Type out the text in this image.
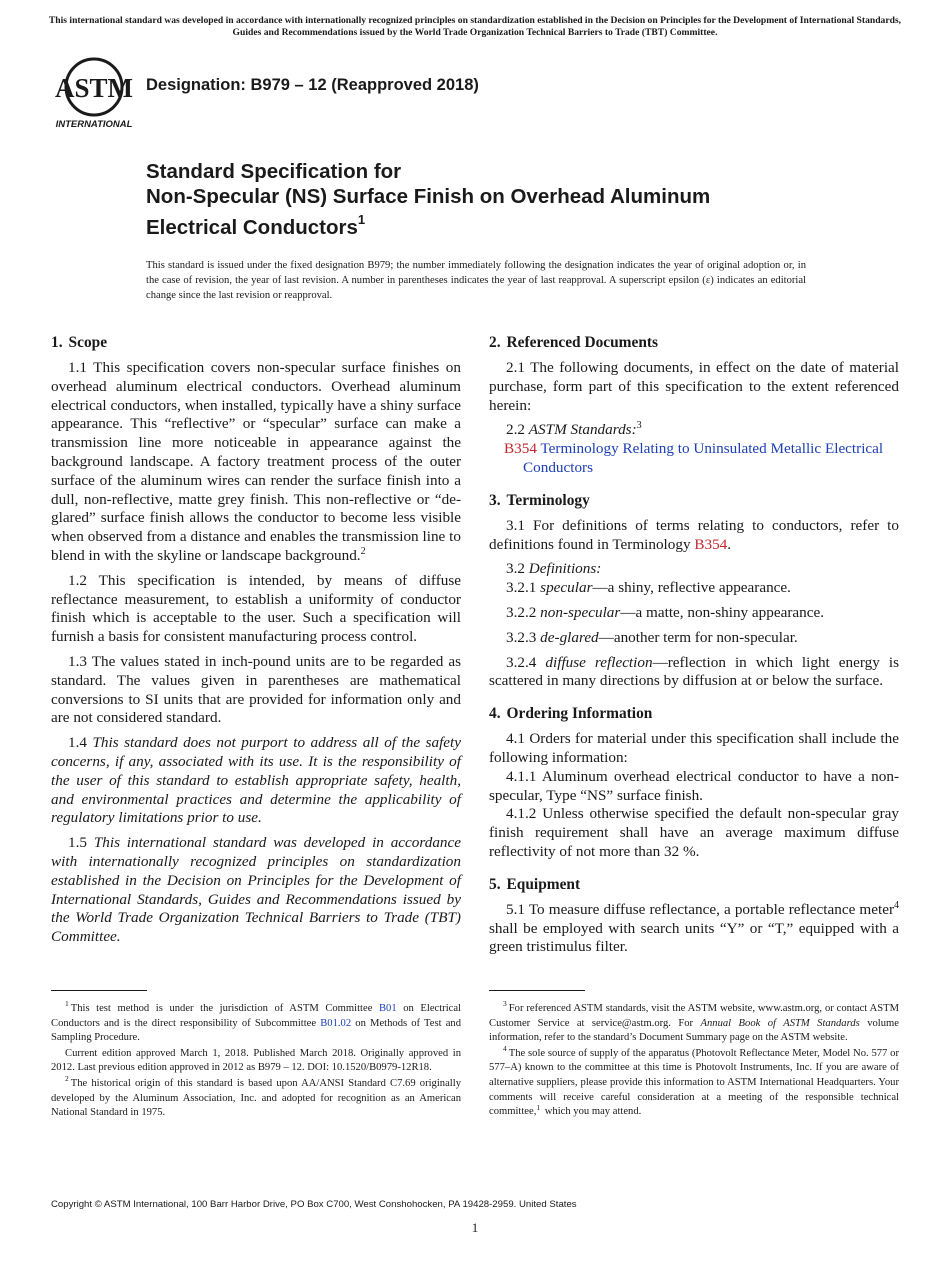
This international standard was developed in accordance with internationally recognized principles on standardization established in the Decision on Principles for the Development of International Standards, Guides and Recommendations issued by the World Trade Organization Technical Barriers to Trade (TBT) Committee.
ASTM
INTERNATIONAL
Designation: B979 – 12 (Reapproved 2018)
Standard Specification for
Non-Specular (NS) Surface Finish on Overhead Aluminum
Electrical Conductors$^1$
This standard is issued under the fixed designation B979; the number immediately following the designation indicates the year of original adoption or, in the case of revision, the year of last revision. A number in parentheses indicates the year of last reapproval. A superscript epsilon (ε) indicates an editorial change since the last revision or reapproval.
1. Scope

1.1 This specification covers non-specular surface finishes on overhead aluminum electrical conductors. Overhead aluminum electrical conductors, when installed, typically have a shiny surface appearance. This “reflective” or “specular” surface can make a transmission line more noticeable in appearance against the background landscape. A factory treatment process of the outer surface of the aluminum wires can render the surface finish into a dull, non-reflective, matte grey finish. This non-reflective or “de-glared” surface finish allows the conductor to become less visible when observed from a distance and enables the transmission line to blend in with the skyline or landscape background.$^2$

1.2 This specification is intended, by means of diffuse reflectance measurement, to establish a uniformity of conductor finish which is acceptable to the user. Such a specification will furnish a basis for consistent manufacturing process control.

1.3 The values stated in inch-pound units are to be regarded as standard. The values given in parentheses are mathematical conversions to SI units that are provided for information only and are not considered standard.

1.4 This standard does not purport to address all of the safety concerns, if any, associated with its use. It is the responsibility of the user of this standard to establish appropriate safety, health, and environmental practices and determine the applicability of regulatory limitations prior to use.

1.5 This international standard was developed in accordance with internationally recognized principles on standardization established in the Decision on Principles for the Development of International Standards, Guides and Recommendations issued by the World Trade Organization Technical Barriers to Trade (TBT) Committee.

2. Referenced Documents

2.1 The following documents, in effect on the date of material purchase, form part of this specification to the extent referenced herein:

2.2 ASTM Standards:$^3$

B354 Terminology Relating to Uninsulated Metallic Electrical Conductors

3. Terminology

3.1 For definitions of terms relating to conductors, refer to definitions found in Terminology B354.

3.2 Definitions:

3.2.1 specular—a shiny, reflective appearance.

3.2.2 non-specular—a matte, non-shiny appearance.

3.2.3 de-glared—another term for non-specular.

3.2.4 diffuse reflection—reflection in which light energy is scattered in many directions by diffusion at or below the surface.

4. Ordering Information

4.1 Orders for material under this specification shall include the following information:

4.1.1 Aluminum overhead electrical conductor to have a non-specular, Type “NS” surface finish.

4.1.2 Unless otherwise specified the default non-specular gray finish requirement shall have an average maximum diffuse reflectivity of not more than 32 %.

5. Equipment

5.1 To measure diffuse reflectance, a portable reflectance meter$^4$ shall be employed with search units “Y” or “T,” equipped with a green tristimulus filter.

$^1$ This test method is under the jurisdiction of ASTM Committee B01 on Electrical Conductors and is the direct responsibility of Subcommittee B01.02 on Methods of Test and Sampling Procedure.

Current edition approved March 1, 2018. Published March 2018. Originally approved in 2012. Last previous edition approved in 2012 as B979 – 12. DOI: 10.1520/B0979-12R18.

$^2$ The historical origin of this standard is based upon AA/ANSI Standard C7.69 originally developed by the Aluminum Association, Inc. and adopted for recognition as an American National Standard in 1975.

$^3$ For referenced ASTM standards, visit the ASTM website, www.astm.org, or contact ASTM Customer Service at service@astm.org. For Annual Book of ASTM Standards volume information, refer to the standard’s Document Summary page on the ASTM website.

$^4$ The sole source of supply of the apparatus (Photovolt Reflectance Meter, Model No. 577 or 577–A) known to the committee at this time is Photovolt Instruments, Inc. If you are aware of alternative suppliers, please provide this information to ASTM International Headquarters. Your comments will receive careful consideration at a meeting of the responsible technical committee,$^1$ which you may attend.

Copyright © ASTM International, 100 Barr Harbor Drive, PO Box C700, West Conshohocken, PA 19428-2959. United States
1
